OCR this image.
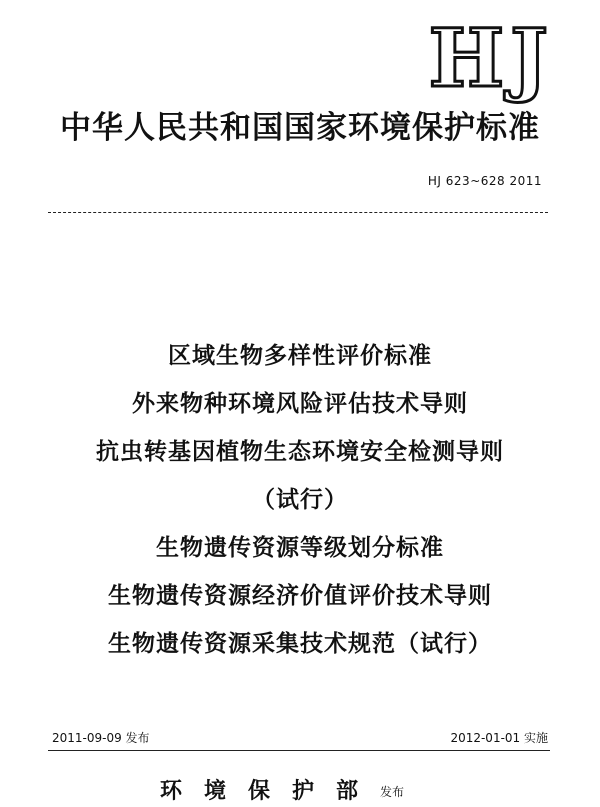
HJ
中华人民共和国国家环境保护标准
HJ 623~628 2011
区域生物多样性评价标准
外来物种环境风险评估技术导则
抗虫转基因植物生态环境安全检测导则
（试行）
生物遗传资源等级划分标准
生物遗传资源经济价值评价技术导则
生物遗传资源采集技术规范（试行）
2011-09-09 发布	2012-01-01 实施
环境保护部发布
